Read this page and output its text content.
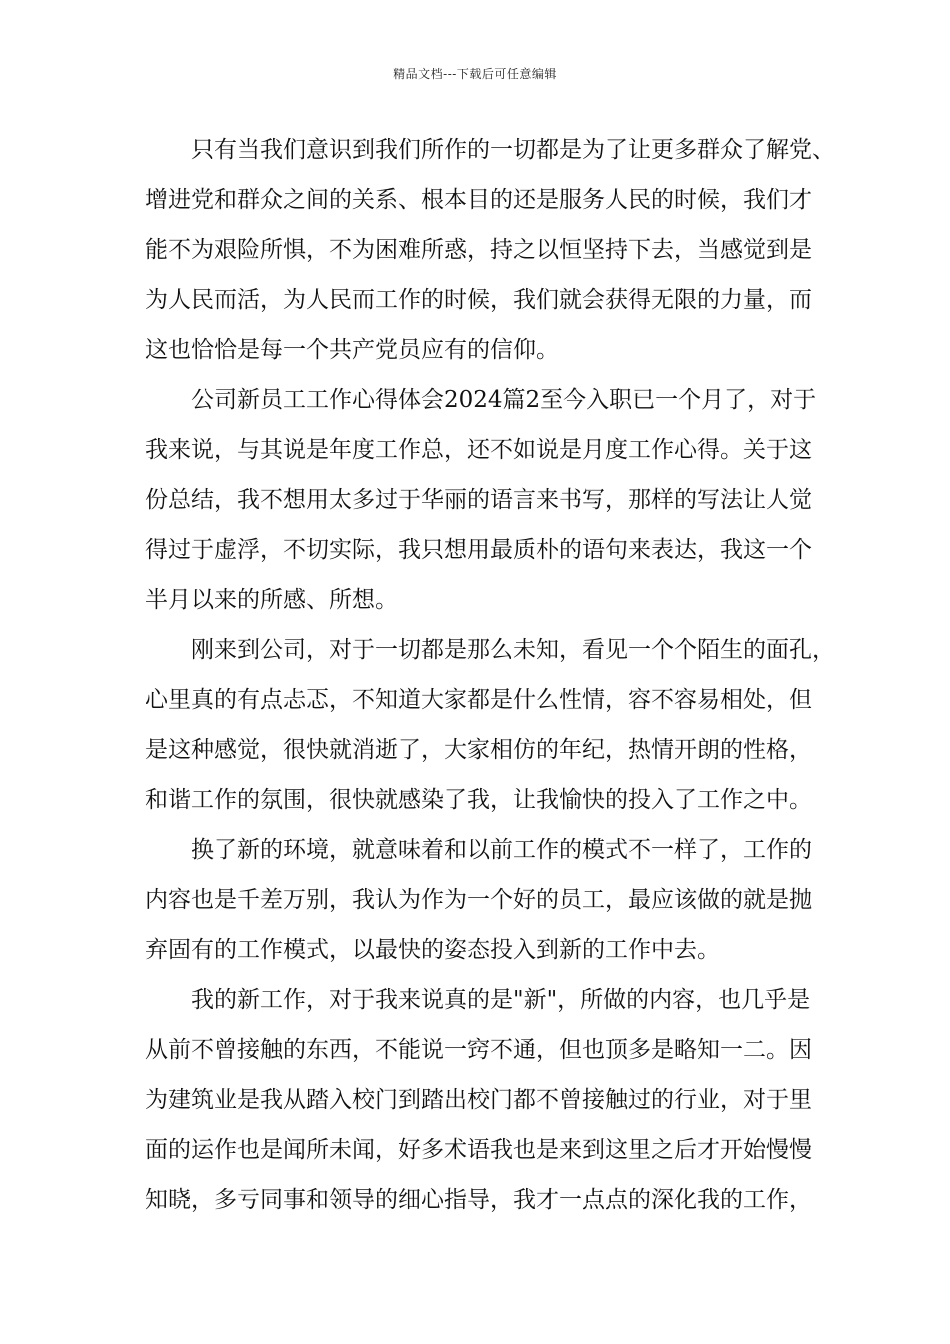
精品文档---下载后可任意编辑

只有当我们意识到我们所作的一切都是为了让更多群众了解党、
增进党和群众之间的关系、根本目的还是服务人民的时候，我们才
能不为艰险所惧，不为困难所惑，持之以恒坚持下去，当感觉到是
为人民而活，为人民而工作的时候，我们就会获得无限的力量，而
这也恰恰是每一个共产党员应有的信仰。

公司新员工工作心得体会2024篇2至今入职已一个月了，对于
我来说，与其说是年度工作总，还不如说是月度工作心得。关于这
份总结，我不想用太多过于华丽的语言来书写，那样的写法让人觉
得过于虚浮，不切实际，我只想用最质朴的语句来表达，我这一个
半月以来的所感、所想。

刚来到公司，对于一切都是那么未知，看见一个个陌生的面孔，
心里真的有点忐忑，不知道大家都是什么性情，容不容易相处，但
是这种感觉，很快就消逝了，大家相仿的年纪，热情开朗的性格，
和谐工作的氛围，很快就感染了我，让我愉快的投入了工作之中。

换了新的环境，就意味着和以前工作的模式不一样了，工作的
内容也是千差万别，我认为作为一个好的员工，最应该做的就是抛
弃固有的工作模式，以最快的姿态投入到新的工作中去。

我的新工作，对于我来说真的是"新"，所做的内容，也几乎是
从前不曾接触的东西，不能说一窍不通，但也顶多是略知一二。因
为建筑业是我从踏入校门到踏出校门都不曾接触过的行业，对于里
面的运作也是闻所未闻，好多术语我也是来到这里之后才开始慢慢
知晓，多亏同事和领导的细心指导，我才一点点的深化我的工作，
